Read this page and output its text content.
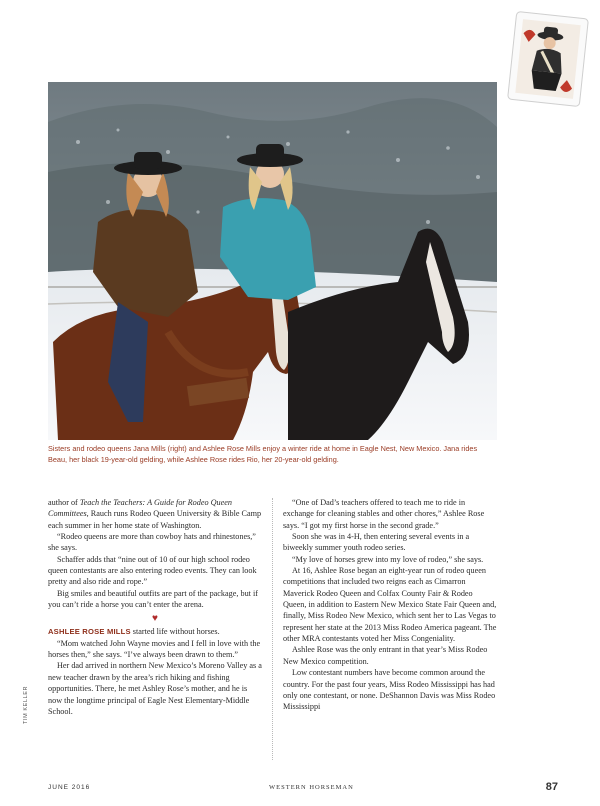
Sisters and rodeo queens Jana Mills (right) and Ashlee Rose Mills enjoy a winter ride at home in Eagle Nest, New Mexico. Jana rides Beau, her black 19-year-old gelding, while Ashlee Rose rides Rio, her 20-year-old gelding.

author of Teach the Teachers: A Guide for Rodeo Queen Committees, Rauch runs Rodeo Queen University & Bible Camp each summer in her home state of Washington.

“Rodeo queens are more than cowboy hats and rhinestones,” she says.

Schaffer adds that “nine out of 10 of our high school rodeo queen contestants are also entering rodeo events. They can look pretty and also ride and rope.”

Big smiles and beautiful outfits are part of the package, but if you can’t ride a horse you can’t enter the arena.

♥

ASHLEE ROSE MILLS started life without horses.

“Mom watched John Wayne movies and I fell in love with the horses then,” she says. “I’ve always been drawn to them.”

Her dad arrived in northern New Mexico’s Moreno Valley as a new teacher drawn by the area’s rich hiking and fishing opportunities. There, he met Ashley Rose’s mother, and he is now the longtime principal of Eagle Nest Elementary-Middle School.

“One of Dad’s teachers offered to teach me to ride in exchange for cleaning stables and other chores,” Ashlee Rose says. “I got my first horse in the second grade.”

Soon she was in 4-H, then entering several events in a biweekly summer youth rodeo series.

“My love of horses grew into my love of rodeo,” she says.

At 16, Ashlee Rose began an eight-year run of rodeo queen competitions that included two reigns each as Cimarron Maverick Rodeo Queen and Colfax County Fair & Rodeo Queen, in addition to Eastern New Mexico State Fair Queen and, finally, Miss Rodeo New Mexico, which sent her to Las Vegas to represent her state at the 2013 Miss Rodeo America pageant. The other MRA contestants voted her Miss Congeniality.

Ashlee Rose was the only entrant in that year’s Miss Rodeo New Mexico competition.

Low contestant numbers have become common around the country. For the past four years, Miss Rodeo Mississippi has had only one contestant, or none. DeShannon Davis was Miss Rodeo Mississippi

TIM KELLER
JUNE 2016	WESTERN HORSEMAN	87
